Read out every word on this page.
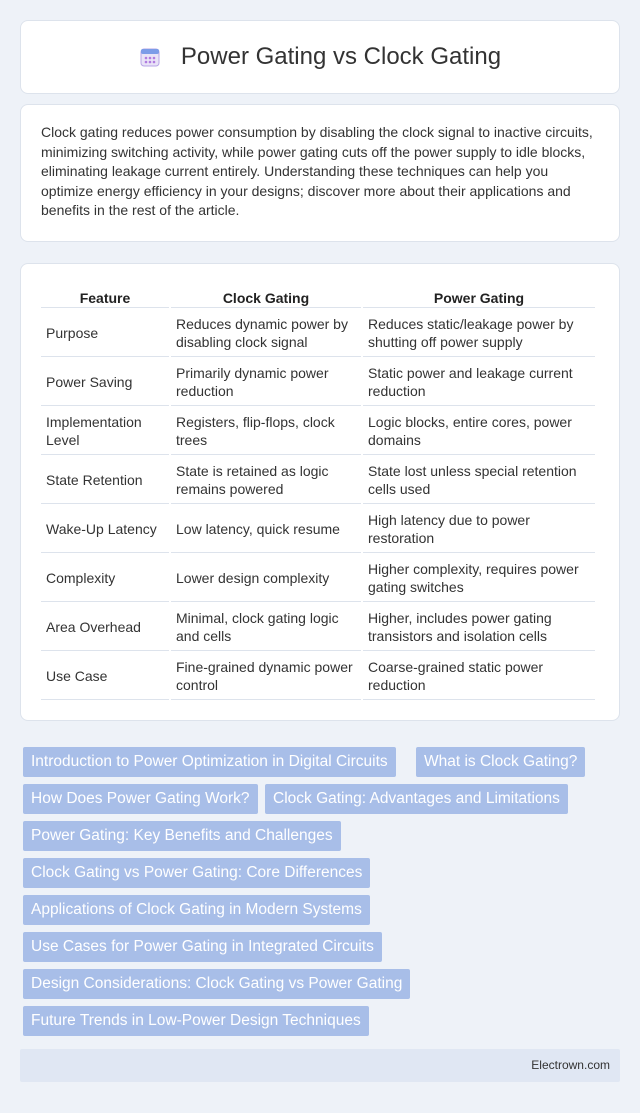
Power Gating vs Clock Gating

Clock gating reduces power consumption by disabling the clock signal to inactive circuits, minimizing switching activity, while power gating cuts off the power supply to idle blocks, eliminating leakage current entirely. Understanding these techniques can help you optimize energy efficiency in your designs; discover more about their applications and benefits in the rest of the article.

Feature	Clock Gating	Power Gating
Purpose	Reduces dynamic power by disabling clock signal	Reduces static/leakage power by shutting off power supply
Power Saving	Primarily dynamic power reduction	Static power and leakage current reduction
Implementation Level	Registers, flip-flops, clock trees	Logic blocks, entire cores, power domains
State Retention	State is retained as logic remains powered	State lost unless special retention cells used
Wake-Up Latency	Low latency, quick resume	High latency due to power restoration
Complexity	Lower design complexity	Higher complexity, requires power gating switches
Area Overhead	Minimal, clock gating logic and cells	Higher, includes power gating transistors and isolation cells
Use Case	Fine-grained dynamic power control	Coarse-grained static power reduction
Introduction to Power Optimization in Digital Circuits	What is Clock Gating?
How Does Power Gating Work?	Clock Gating: Advantages and Limitations
Power Gating: Key Benefits and Challenges
Clock Gating vs Power Gating: Core Differences
Applications of Clock Gating in Modern Systems
Use Cases for Power Gating in Integrated Circuits
Design Considerations: Clock Gating vs Power Gating
Future Trends in Low-Power Design Techniques
Electrown.com
